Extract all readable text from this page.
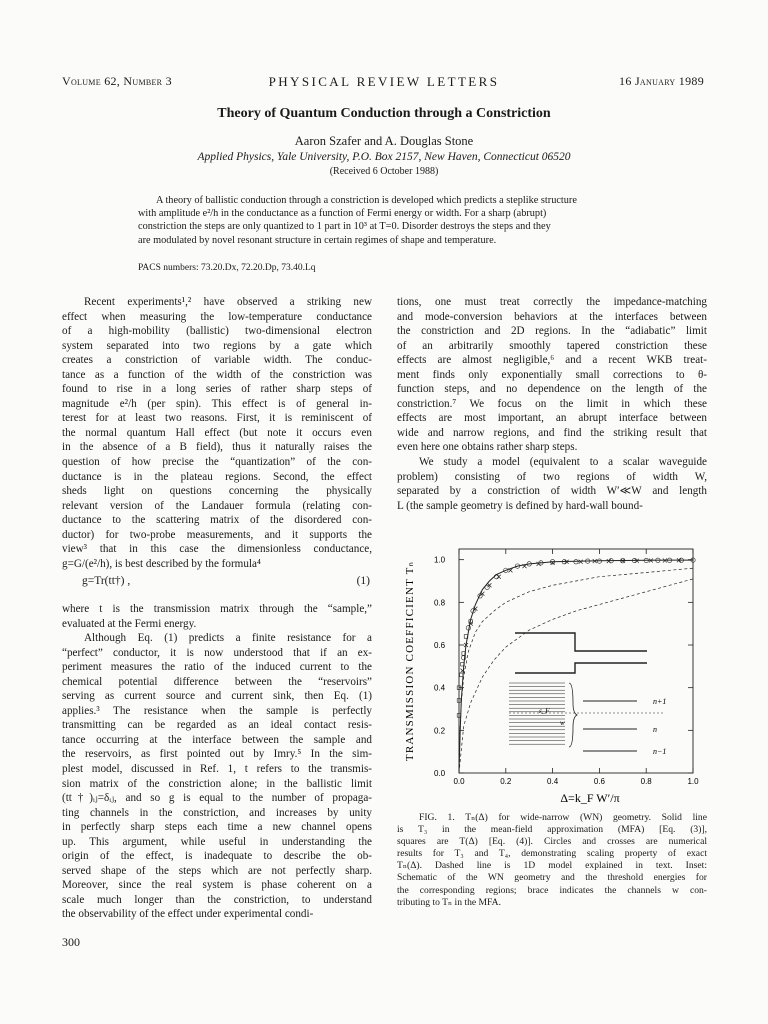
Volume 62, Number 3	PHYSICAL REVIEW LETTERS	16 January 1989
Theory of Quantum Conduction through a Constriction
Aaron Szafer and A. Douglas Stone
Applied Physics, Yale University, P.O. Box 2157, New Haven, Connecticut 06520
(Received 6 October 1988)
A theory of ballistic conduction through a constriction is developed which predicts a steplike structure
with amplitude e²/h in the conductance as a function of Fermi energy or width. For a sharp (abrupt)
constriction the steps are only quantized to 1 part in 10³ at T=0. Disorder destroys the steps and they
are modulated by novel resonant structure in certain regimes of shape and temperature.
PACS numbers: 73.20.Dx, 72.20.Dp, 73.40.Lq
Recent experiments¹,² have observed a striking new
effect when measuring the low-temperature conductance
of a high-mobility (ballistic) two-dimensional electron
system separated into two regions by a gate which
creates a constriction of variable width. The conduc-
tance as a function of the width of the constriction was
found to rise in a long series of rather sharp steps of
magnitude e²/h (per spin). This effect is of general in-
terest for at least two reasons. First, it is reminiscent of
the normal quantum Hall effect (but note it occurs even
in the absence of a B field), thus it naturally raises the
question of how precise the “quantization” of the con-
ductance is in the plateau regions. Second, the effect
sheds light on questions concerning the physically
relevant version of the Landauer formula (relating con-
ductance to the scattering matrix of the disordered con-
ductor) for two-probe measurements, and it supports the
view³ that in this case the dimensionless conductance,
g=G/(e²/h), is best described by the formula⁴
g=Tr(tt†) ,	(1)
where t is the transmission matrix through the “sample,”
evaluated at the Fermi energy.
Although Eq. (1) predicts a finite resistance for a
“perfect” conductor, it is now understood that if an ex-
periment measures the ratio of the induced current to the
chemical potential difference between the “reservoirs”
serving as current source and current sink, then Eq. (1)
applies.³ The resistance when the sample is perfectly
transmitting can be regarded as an ideal contact resis-
tance occurring at the interface between the sample and
the reservoirs, as first pointed out by Imry.⁵ In the sim-
plest model, discussed in Ref. 1, t refers to the transmis-
sion matrix of the constriction alone; in the ballistic limit
(tt†)ᵢⱼ=δᵢⱼ, and so g is equal to the number of propaga-
ting channels in the constriction, and increases by unity
in perfectly sharp steps each time a new channel opens
up. This argument, while useful in understanding the
origin of the effect, is inadequate to describe the ob-
served shape of the steps which are not perfectly sharp.
Moreover, since the real system is phase coherent on a
scale much longer than the constriction, to understand
the observability of the effect under experimental condi-
tions, one must treat correctly the impedance-matching
and mode-conversion behaviors at the interfaces between
the constriction and 2D regions. In the “adiabatic” limit
of an arbitrarily smoothly tapered constriction these
effects are almost negligible,⁶ and a recent WKB treat-
ment finds only exponentially small corrections to θ-
function steps, and no dependence on the length of the
constriction.⁷ We focus on the limit in which these
effects are most important, an abrupt interface between
wide and narrow regions, and find the striking result that
even here one obtains rather sharp steps.
We study a model (equivalent to a scalar waveguide
problem) consisting of two regions of width W,
separated by a constriction of width W′≪W and length
L (the sample geometry is defined by hard-wall bound-
0.0	0.2	0.4	0.6	0.8	1.0
0.0
0.2
0.4
0.6
0.8
1.0
TRANSMISSION COEFFICIENT Tₙ
Δ=k_F W′/π
n+1
n
n−1
ε_F
w
FIG. 1. Tₙ(Δ) for wide-narrow (WN) geometry. Solid line
is T₃ in the mean-field approximation (MFA) [Eq. (3)],
squares are T(Δ) [Eq. (4)]. Circles and crosses are numerical
results for T₃ and T₄, demonstrating scaling property of exact
Tₙ(Δ). Dashed line is 1D model explained in text. Inset:
Schematic of the WN geometry and the threshold energies for
the corresponding regions; brace indicates the channels w con-
tributing to Tₙ in the MFA.
300
